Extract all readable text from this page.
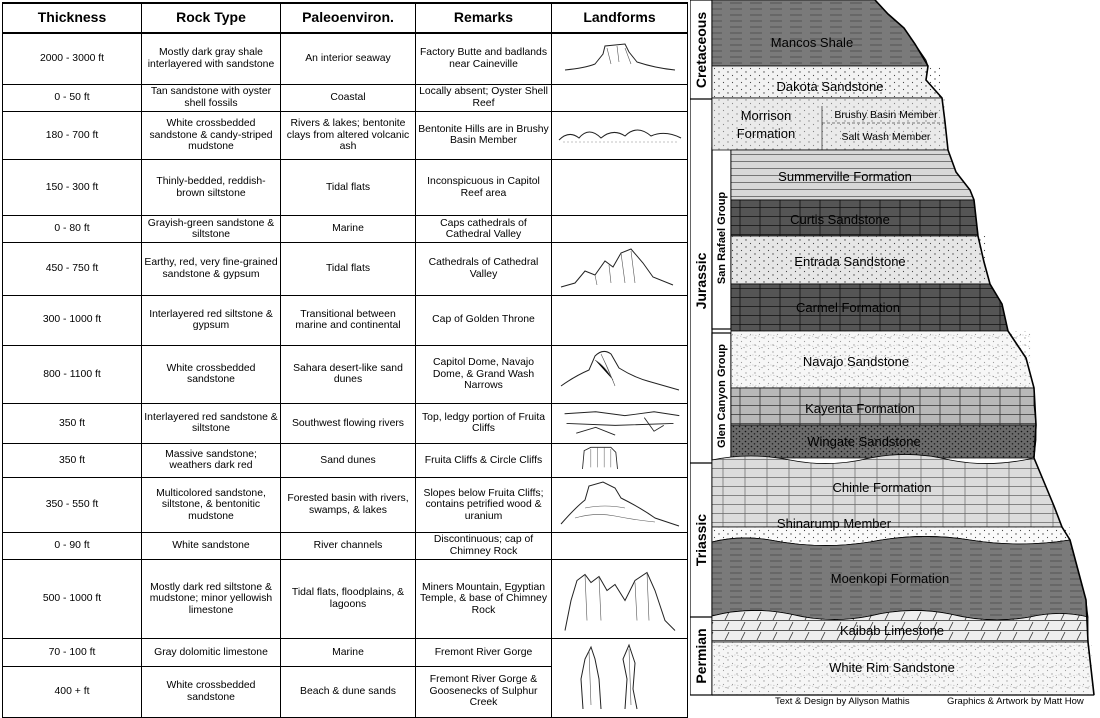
Thickness	Rock Type	Paleoenviron.	Remarks	Landforms
2000 - 3000 ft	Mostly dark gray shale interlayered with sandstone	An interior seaway	Factory Butte and badlands near Caineville	
0 - 50 ft	Tan sandstone with oyster shell fossils	Coastal	Locally absent; Oyster Shell Reef	
180 - 700 ft	White crossbedded sandstone & candy-striped mudstone	Rivers & lakes; bentonite clays from altered volcanic ash	Bentonite Hills are in Brushy Basin Member	
150 - 300 ft	Thinly-bedded, reddish-brown siltstone	Tidal flats	Inconspicuous in Capitol Reef area	
0 - 80 ft	Grayish-green sandstone & siltstone	Marine	Caps cathedrals of Cathedral Valley	
450 - 750 ft	Earthy, red, very fine-grained sandstone & gypsum	Tidal flats	Cathedrals of Cathedral Valley	
300 - 1000 ft	Interlayered red siltstone & gypsum	Transitional between marine and continental	Cap of Golden Throne	
800 - 1100 ft	White crossbedded sandstone	Sahara desert-like sand dunes	Capitol Dome, Navajo Dome, & Grand Wash Narrows	
350 ft	Interlayered red sandstone & siltstone	Southwest flowing rivers	Top, ledgy portion of Fruita Cliffs	
350 ft	Massive sandstone; weathers dark red	Sand dunes	Fruita Cliffs & Circle Cliffs	
350 - 550 ft	Multicolored sandstone, siltstone, & bentonitic mudstone	Forested basin with rivers, swamps, & lakes	Slopes below Fruita Cliffs; contains petrified wood & uranium	
0 - 90 ft	White sandstone	River channels	Discontinuous; cap of Chimney Rock	
500 - 1000 ft	Mostly dark red siltstone & mudstone; minor yellowish limestone	Tidal flats, floodplains, & lagoons	Miners Mountain, Egyptian Temple, & base of Chimney Rock	
70 - 100 ft	Gray dolomitic limestone	Marine	Fremont River Gorge	
400 + ft	White crossbedded sandstone	Beach & dune sands	Fremont River Gorge & Goosenecks of Sulphur Creek	
Cretaceous
Jurassic
Triassic
Permian
San Rafael Group
Glen Canyon Group
Mancos Shale
Dakota Sandstone
Morrison
Formation
Brushy Basin Member
Salt Wash Member
Summerville Formation
Curtis Sandstone
Entrada Sandstone
Carmel Formation
Navajo Sandstone
Kayenta Formation
Wingate Sandstone
Chinle Formation
Shinarump Member
Moenkopi Formation
Kaibab Limestone
White Rim Sandstone
Text & Design by Allyson Mathis	Graphics & Artwork by Matt How
